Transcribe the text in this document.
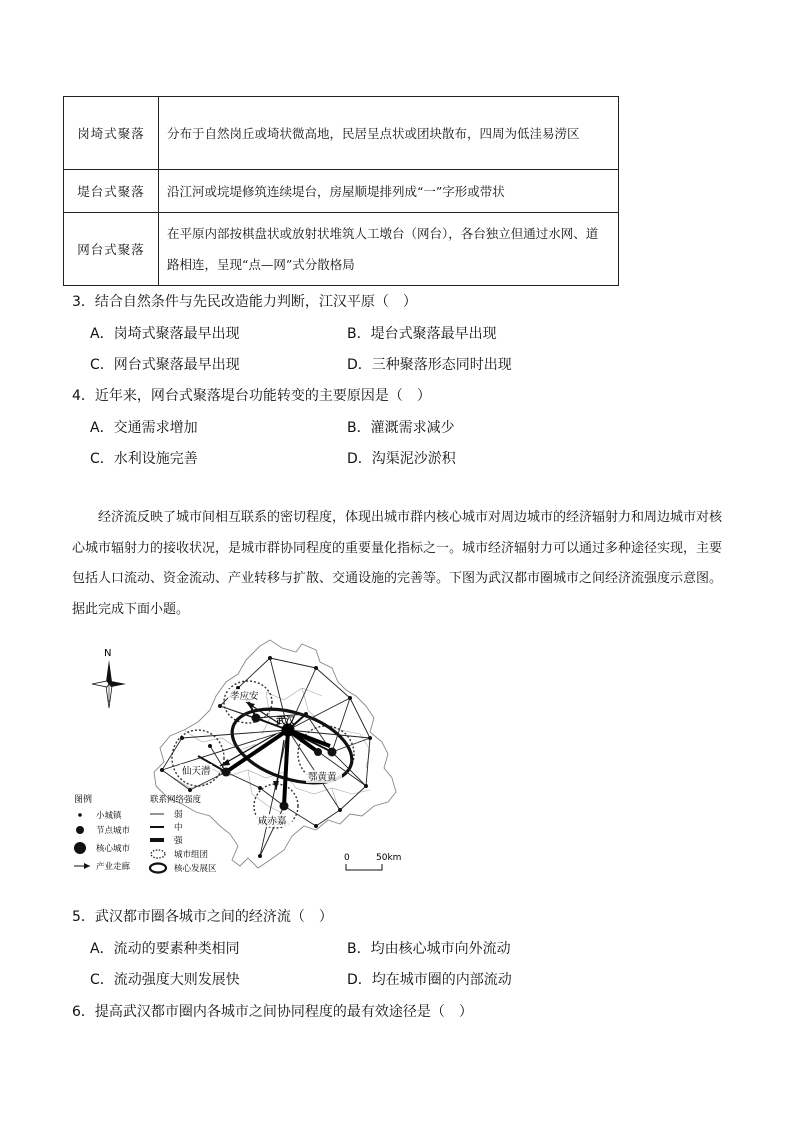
岗埼式聚落	分布于自然岗丘或埼状微高地，民居呈点状或团块散布，四周为低洼易涝区
堤台式聚落	沿江河或垸堤修筑连续堤台，房屋顺堤排列成“一”字形或带状
网台式聚落	在平原内部按棋盘状或放射状堆筑人工墩台（网台），各台独立但通过水网、道路相连，呈现“点—网”式分散格局
3．结合自然条件与先民改造能力判断，江汉平原（　）
A．岗埼式聚落最早出现	B．堤台式聚落最早出现
C．网台式聚落最早出现	D．三种聚落形态同时出现
4．近年来，网台式聚落堤台功能转变的主要原因是（　）
A．交通需求增加	B．灌溉需求减少
C．水利设施完善	D．沟渠泥沙淤积
经济流反映了城市间相互联系的密切程度，体现出城市群内核心城市对周边城市的经济辐射力和周边城市对核心城市辐射力的接收状况，是城市群协同程度的重要量化指标之一。城市经济辐射力可以通过多种途径实现，主要包括人口流动、资金流动、产业转移与扩散、交通设施的完善等。下图为武汉都市圈城市之间经济流强度示意图。据此完成下面小题。
N
孝应安
武汉
仙天潜
鄂黄黄
咸赤嘉
图例
小城镇
节点城市
核心城市
产业走廊
联系网络强度
弱
中
强
城市组团
核心发展区
0	50km
5．武汉都市圈各城市之间的经济流（　）
A．流动的要素种类相同	B．均由核心城市向外流动
C．流动强度大则发展快	D．均在城市圈的内部流动
6．提高武汉都市圈内各城市之间协同程度的最有效途径是（　）
